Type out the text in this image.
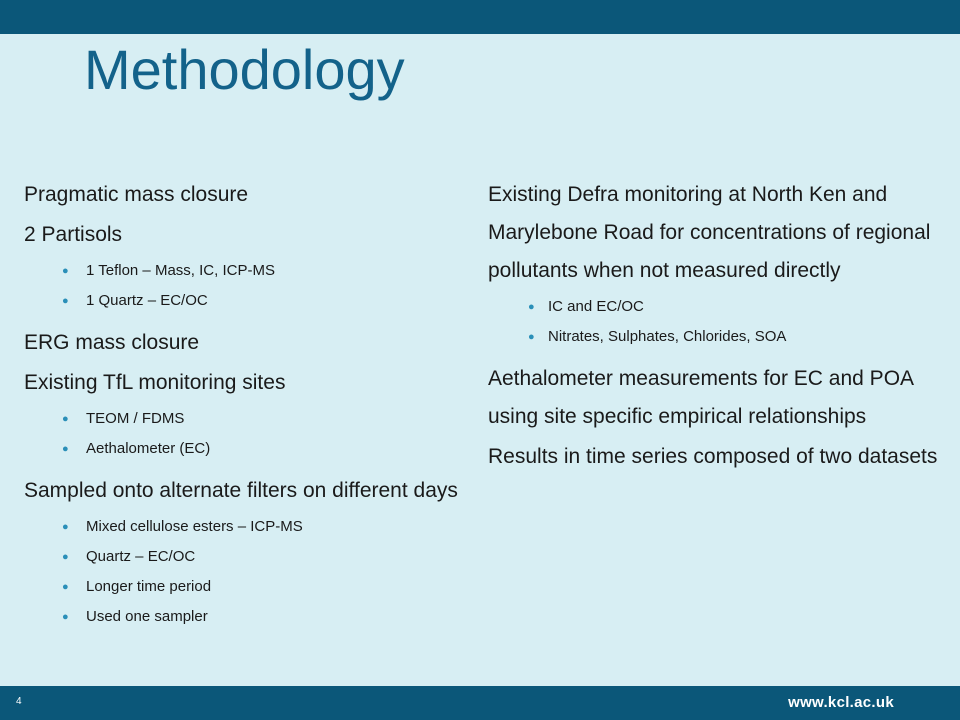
Methodology

Pragmatic mass closure

2 Partisols

● 1 Teflon – Mass, IC, ICP-MS
● 1 Quartz – EC/OC

ERG mass closure

Existing TfL monitoring sites

● TEOM / FDMS
● Aethalometer (EC)

Sampled onto alternate filters on different days

● Mixed cellulose esters – ICP-MS
● Quartz – EC/OC
● Longer time period
● Used one sampler

Existing Defra monitoring at North Ken and Marylebone Road for concentrations of regional pollutants when not measured directly

● IC and EC/OC
● Nitrates, Sulphates, Chlorides, SOA

Aethalometer measurements for EC and POA using site specific empirical relationships

Results in time series composed of two datasets

4	www.kcl.ac.uk
